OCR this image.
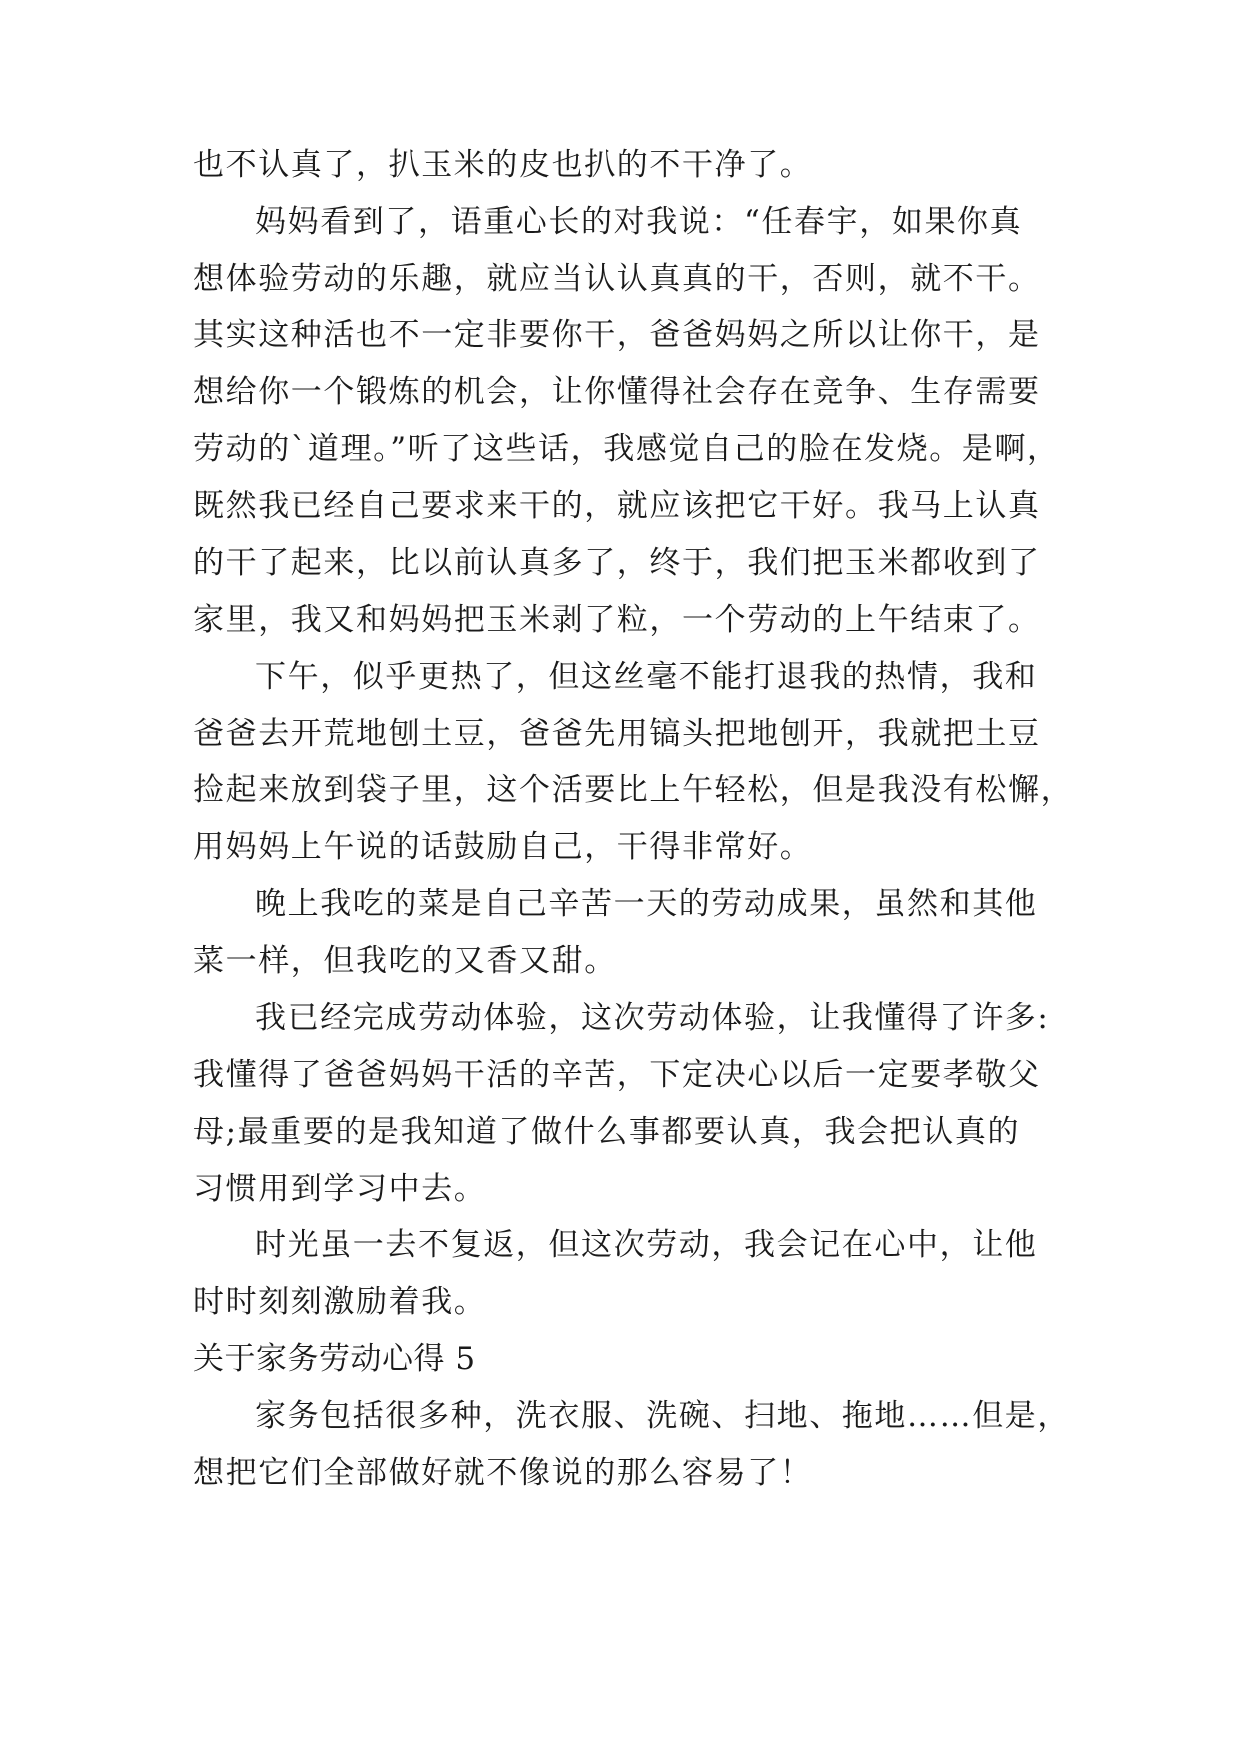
也不认真了，扒玉米的皮也扒的不干净了。
妈妈看到了，语重心长的对我说：“任春宇，如果你真
想体验劳动的乐趣，就应当认认真真的干，否则，就不干。
其实这种活也不一定非要你干，爸爸妈妈之所以让你干，是
想给你一个锻炼的机会，让你懂得社会存在竞争、生存需要
劳动的`道理。”听了这些话，我感觉自己的脸在发烧。是啊，
既然我已经自己要求来干的，就应该把它干好。我马上认真
的干了起来，比以前认真多了，终于，我们把玉米都收到了
家里，我又和妈妈把玉米剥了粒，一个劳动的上午结束了。
下午，似乎更热了，但这丝毫不能打退我的热情，我和
爸爸去开荒地刨土豆，爸爸先用镐头把地刨开，我就把土豆
捡起来放到袋子里，这个活要比上午轻松，但是我没有松懈，
用妈妈上午说的话鼓励自己，干得非常好。
晚上我吃的菜是自己辛苦一天的劳动成果，虽然和其他
菜一样，但我吃的又香又甜。
我已经完成劳动体验，这次劳动体验，让我懂得了许多:
我懂得了爸爸妈妈干活的辛苦，下定决心以后一定要孝敬父
母;最重要的是我知道了做什么事都要认真，我会把认真的
习惯用到学习中去。
时光虽一去不复返，但这次劳动，我会记在心中，让他
时时刻刻激励着我。
关于家务劳动心得 5
家务包括很多种，洗衣服、洗碗、扫地、拖地……但是，
想把它们全部做好就不像说的那么容易了！
